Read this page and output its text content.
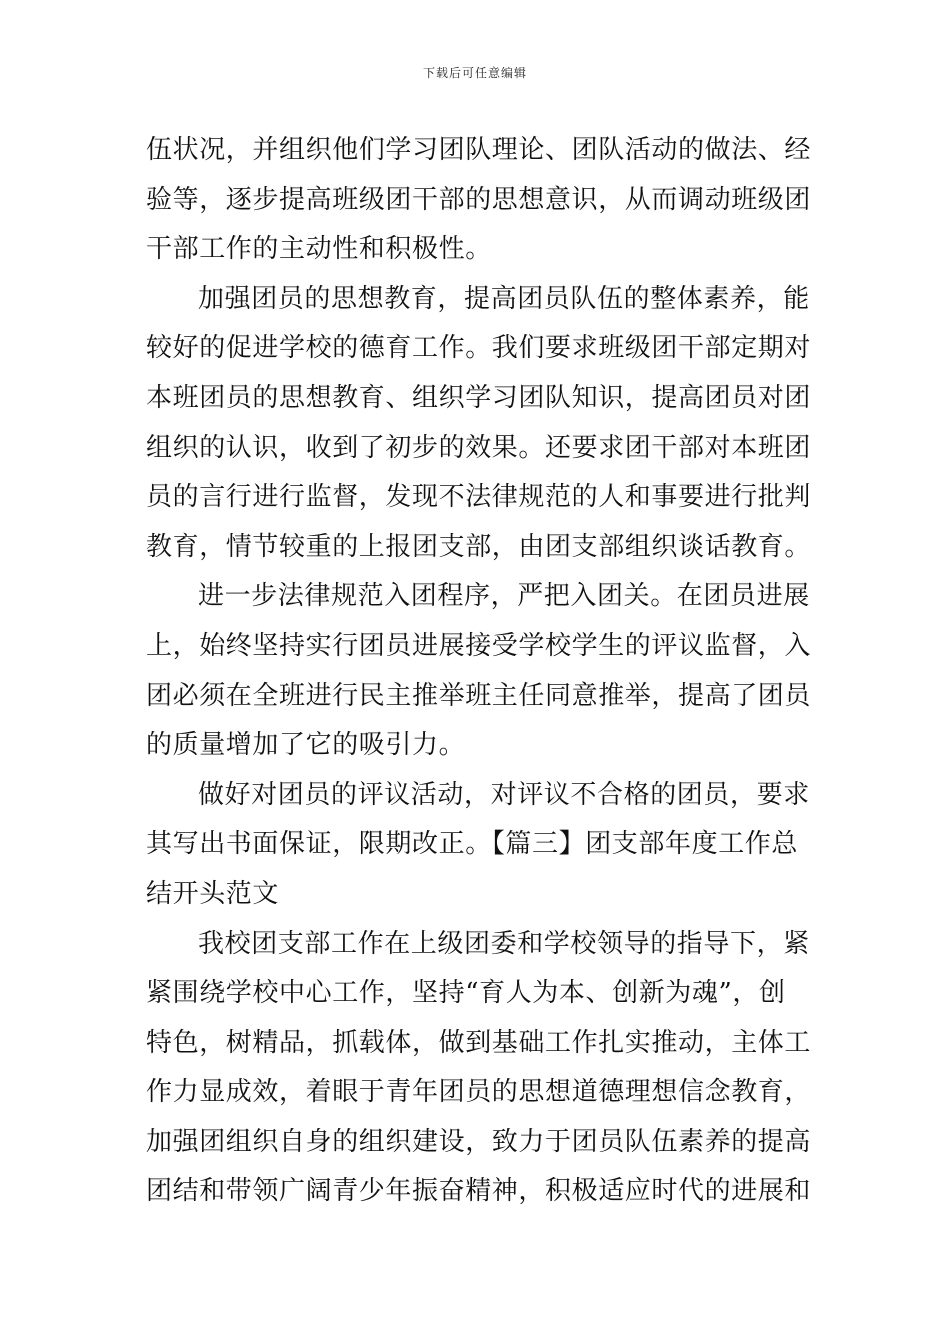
下载后可任意编辑
伍状况，并组织他们学习团队理论、团队活动的做法、经
验等，逐步提高班级团干部的思想意识，从而调动班级团
干部工作的主动性和积极性。
加强团员的思想教育，提高团员队伍的整体素养，能
较好的促进学校的德育工作。我们要求班级团干部定期对
本班团员的思想教育、组织学习团队知识，提高团员对团
组织的认识，收到了初步的效果。还要求团干部对本班团
员的言行进行监督，发现不法律规范的人和事要进行批判
教育，情节较重的上报团支部，由团支部组织谈话教育。
进一步法律规范入团程序，严把入团关。在团员进展
上，始终坚持实行团员进展接受学校学生的评议监督，入
团必须在全班进行民主推举班主任同意推举，提高了团员
的质量增加了它的吸引力。
做好对团员的评议活动，对评议不合格的团员，要求
其写出书面保证，限期改正。【篇三】团支部年度工作总
结开头范文
我校团支部工作在上级团委和学校领导的指导下，紧
紧围绕学校中心工作，坚持“育人为本、创新为魂”，创
特色，树精品，抓载体，做到基础工作扎实推动，主体工
作力显成效，着眼于青年团员的思想道德理想信念教育，
加强团组织自身的组织建设，致力于团员队伍素养的提高
团结和带领广阔青少年振奋精神，积极适应时代的进展和
